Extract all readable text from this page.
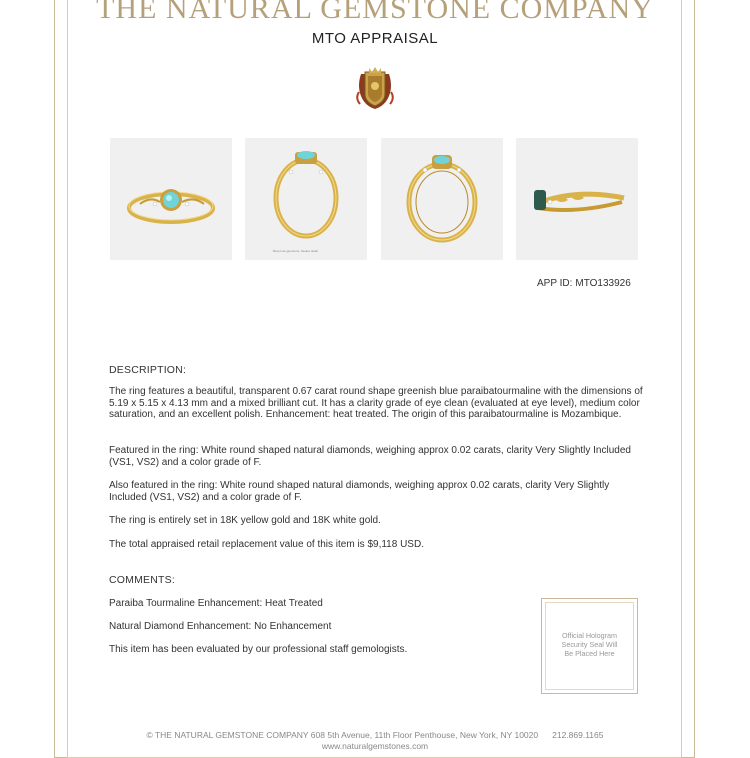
THE NATURAL GEMSTONE COMPANY
MTO APPRAISAL
Bezel set gemstone, basket detail
APP ID: MTO133926
DESCRIPTION:
The ring features a beautiful, transparent 0.67 carat round shape greenish blue paraibatourmaline with the dimensions of 5.19 x 5.15 x 4.13 mm and a mixed brilliant cut. It has a clarity grade of eye clean (evaluated at eye level), medium color saturation, and an excellent polish. Enhancement: heat treated. The origin of this paraibatourmaline is Mozambique.
Featured in the ring: White round shaped natural diamonds, weighing approx 0.02 carats, clarity Very Slightly Included (VS1, VS2) and a color grade of F.
Also featured in the ring: White round shaped natural diamonds, weighing approx 0.02 carats, clarity Very Slightly Included (VS1, VS2) and a color grade of F.
The ring is entirely set in 18K yellow gold and 18K white gold.
The total appraised retail replacement value of this item is $9,118 USD.
COMMENTS:
Paraiba Tourmaline Enhancement: Heat Treated
Natural Diamond Enhancement: No Enhancement
This item has been evaluated by our professional staff gemologists.
Official Hologram
Security Seal Will
Be Placed Here
© THE NATURAL GEMSTONE COMPANY 608 5th Avenue, 11th Floor Penthouse, New York, NY 10020 212.869.1165
www.naturalgemstones.com
